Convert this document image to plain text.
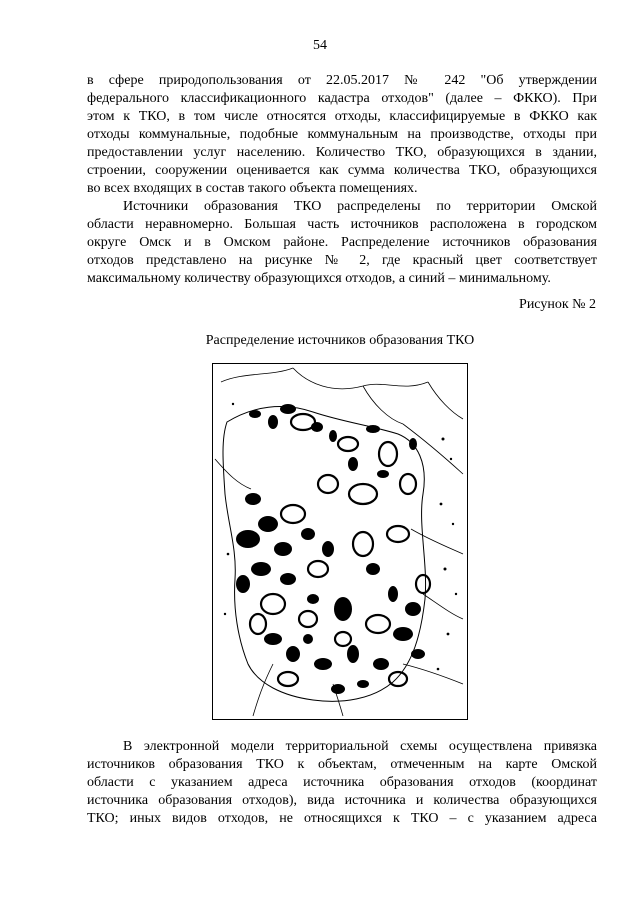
54
в сфере природопользования от 22.05.2017 № 242 "Об утверждении
федерального классификационного кадастра отходов" (далее – ФККО). При
этом к ТКО, в том числе относятся отходы, классифицируемые в ФККО как
отходы коммунальные, подобные коммунальным на производстве, отходы при
предоставлении услуг населению. Количество ТКО, образующихся в здании,
строении, сооружении оценивается как сумма количества ТКО, образующихся
во всех входящих в состав такого объекта помещениях.
Источники образования ТКО распределены по территории Омской
области неравномерно. Большая часть источников расположена в городском
округе Омск и в Омском районе. Распределение источников образования
отходов представлено на рисунке № 2, где красный цвет соответствует
максимальному количеству образующихся отходов, а синий – минимальному.
Рисунок № 2
Распределение источников образования ТКО
В электронной модели территориальной схемы осуществлена привязка
источников образования ТКО к объектам, отмеченным на карте Омской
области с указанием адреса источника образования отходов (координат
источника образования отходов), вида источника и количества образующихся
ТКО; иных видов отходов, не относящихся к ТКО – с указанием адреса
